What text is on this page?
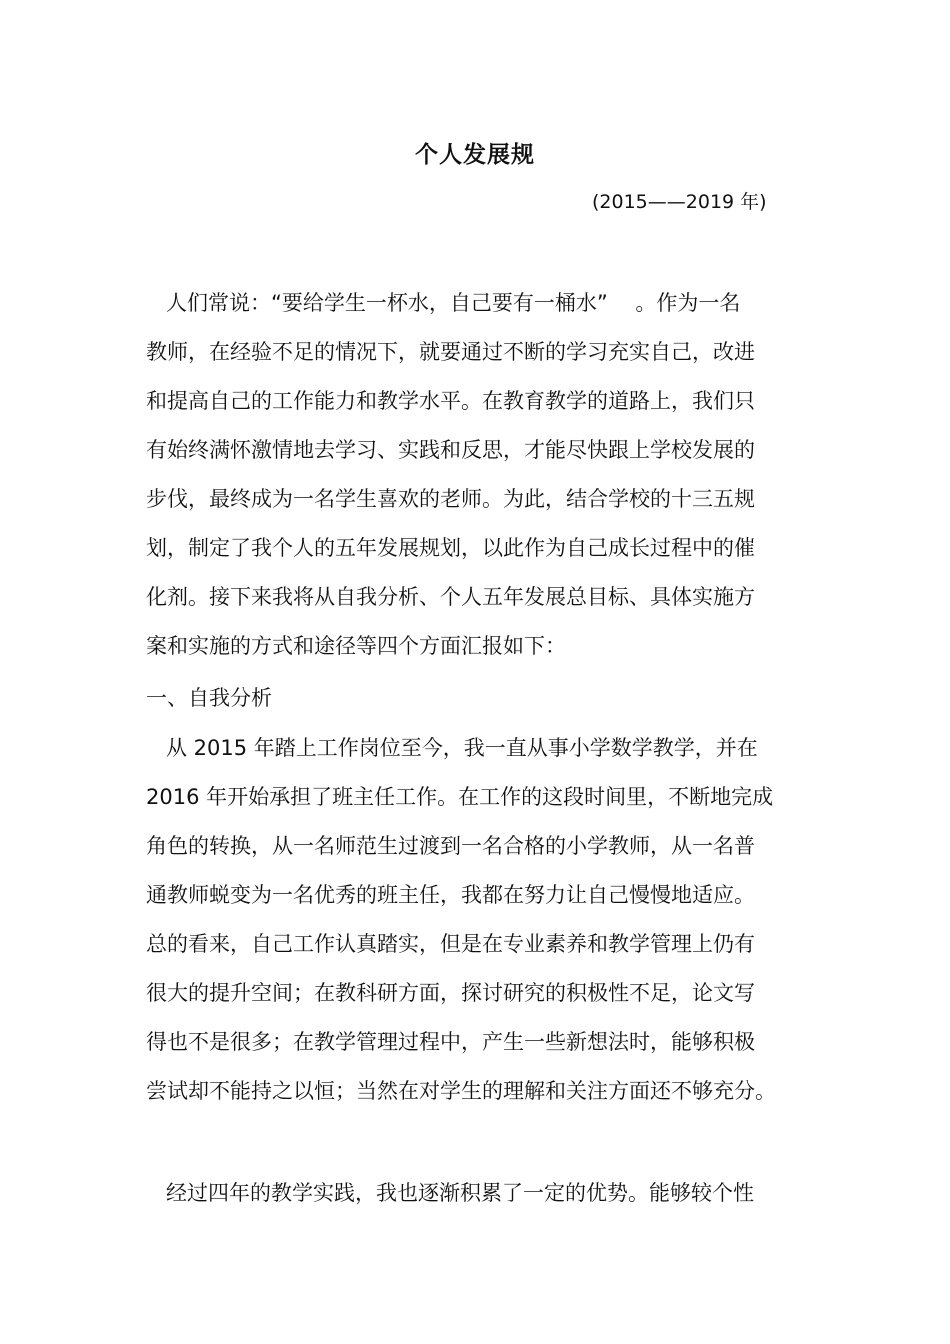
个人发展规
(2015——2019 年)
人们常说：“要给学生一杯水，自己要有一桶水”　 。作为一名
教师，在经验不足的情况下，就要通过不断的学习充实自己，改进
和提高自己的工作能力和教学水平。在教育教学的道路上，我们只
有始终满怀激情地去学习、实践和反思，才能尽快跟上学校发展的
步伐，最终成为一名学生喜欢的老师。为此，结合学校的十三五规
划，制定了我个人的五年发展规划，以此作为自己成长过程中的催
化剂。接下来我将从自我分析、个人五年发展总目标、具体实施方
案和实施的方式和途径等四个方面汇报如下：
一、自我分析
从 2015 年踏上工作岗位至今，我一直从事小学数学教学，并在
2016 年开始承担了班主任工作。在工作的这段时间里，不断地完成
角色的转换，从一名师范生过渡到一名合格的小学教师，从一名普
通教师蜕变为一名优秀的班主任，我都在努力让自己慢慢地适应。
总的看来，自己工作认真踏实，但是在专业素养和教学管理上仍有
很大的提升空间；在教科研方面，探讨研究的积极性不足，论文写
得也不是很多；在教学管理过程中，产生一些新想法时，能够积极
尝试却不能持之以恒；当然在对学生的理解和关注方面还不够充分。
经过四年的教学实践，我也逐渐积累了一定的优势。能够较个性
